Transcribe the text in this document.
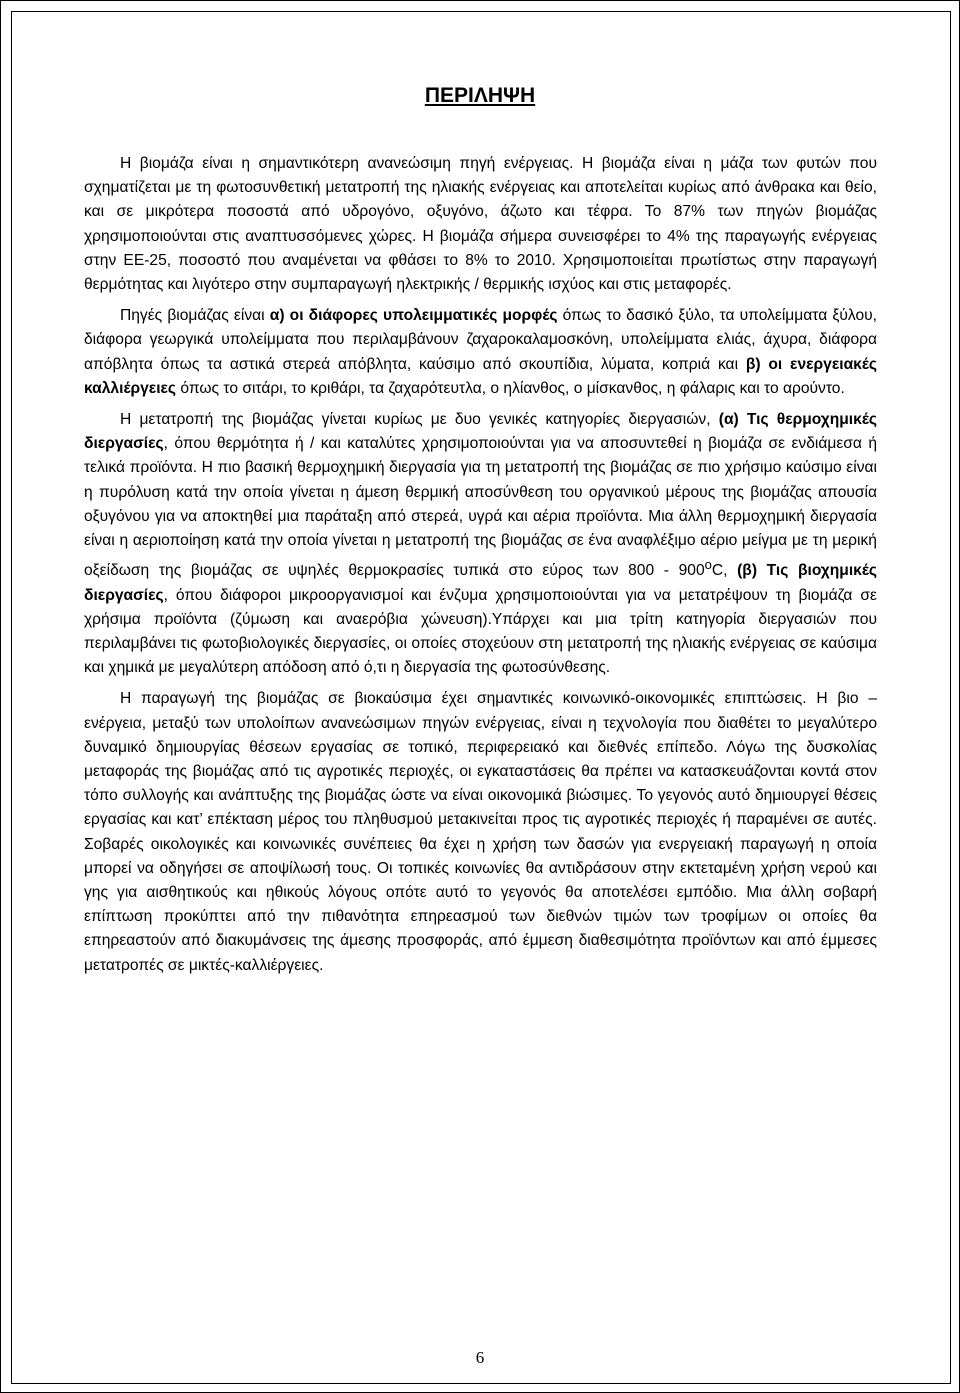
ΠΕΡΙΛΗΨΗ

Η βιομάζα είναι η σημαντικότερη ανανεώσιμη πηγή ενέργειας. Η βιομάζα είναι η μάζα των φυτών που σχηματίζεται με τη φωτοσυνθετική μετατροπή της ηλιακής ενέργειας και αποτελείται κυρίως από άνθρακα και θείο, και σε μικρότερα ποσοστά από υδρογόνο, οξυγόνο, άζωτο και τέφρα. Το 87% των πηγών βιομάζας χρησιμοποιούνται στις αναπτυσσόμενες χώρες. Η βιομάζα σήμερα συνεισφέρει το 4% της παραγωγής ενέργειας στην ΕΕ-25, ποσοστό που αναμένεται να φθάσει το 8% το 2010. Χρησιμοποιείται πρωτίστως στην παραγωγή θερμότητας και λιγότερο στην συμπαραγωγή ηλεκτρικής / θερμικής ισχύος και στις μεταφορές.

Πηγές βιομάζας είναι α) οι διάφορες υπολειμματικές μορφές όπως το δασικό ξύλο, τα υπολείμματα ξύλου, διάφορα γεωργικά υπολείμματα που περιλαμβάνουν ζαχαροκαλαμοσκόνη, υπολείμματα ελιάς, άχυρα, διάφορα απόβλητα όπως τα αστικά στερεά απόβλητα, καύσιμο από σκουπίδια, λύματα, κοπριά και β) οι ενεργειακές καλλιέργειες όπως το σιτάρι, το κριθάρι, τα ζαχαρότευτλα, ο ηλίανθος, ο μίσκανθος, η φάλαρις και το αρούντο.

Η μετατροπή της βιομάζας γίνεται κυρίως με δυο γενικές κατηγορίες διεργασιών, (α) Τις θερμοχημικές διεργασίες, όπου θερμότητα ή / και καταλύτες χρησιμοποιούνται για να αποσυντεθεί η βιομάζα σε ενδιάμεσα ή τελικά προϊόντα. Η πιο βασική θερμοχημική διεργασία για τη μετατροπή της βιομάζας σε πιο χρήσιμο καύσιμο είναι η πυρόλυση κατά την οποία γίνεται η άμεση θερμική αποσύνθεση του οργανικού μέρους της βιομάζας απουσία οξυγόνου για να αποκτηθεί μια παράταξη από στερεά, υγρά και αέρια προϊόντα. Μια άλλη θερμοχημική διεργασία είναι η αεριοποίηση κατά την οποία γίνεται η μετατροπή της βιομάζας σε ένα αναφλέξιμο αέριο μείγμα με τη μερική οξείδωση της βιομάζας σε υψηλές θερμοκρασίες τυπικά στο εύρος των 800 - 900$^o$C, (β) Τις βιοχημικές διεργασίες, όπου διάφοροι μικροοργανισμοί και ένζυμα χρησιμοποιούνται για να μετατρέψουν τη βιομάζα σε χρήσιμα προϊόντα (ζύμωση και αναερόβια χώνευση).Υπάρχει και μια τρίτη κατηγορία διεργασιών που περιλαμβάνει τις φωτοβιολογικές διεργασίες, οι οποίες στοχεύουν στη μετατροπή της ηλιακής ενέργειας σε καύσιμα και χημικά με μεγαλύτερη απόδοση από ό,τι η διεργασία της φωτοσύνθεσης.

Η παραγωγή της βιομάζας σε βιοκαύσιμα έχει σημαντικές κοινωνικό-οικονομικές επιπτώσεις. Η βιο – ενέργεια, μεταξύ των υπολοίπων ανανεώσιμων πηγών ενέργειας, είναι η τεχνολογία που διαθέτει το μεγαλύτερο δυναμικό δημιουργίας θέσεων εργασίας σε τοπικό, περιφερειακό και διεθνές επίπεδο. Λόγω της δυσκολίας μεταφοράς της βιομάζας από τις αγροτικές περιοχές, οι εγκαταστάσεις θα πρέπει να κατασκευάζονται κοντά στον τόπο συλλογής και ανάπτυξης της βιομάζας ώστε να είναι οικονομικά βιώσιμες. Το γεγονός αυτό δημιουργεί θέσεις εργασίας και κατ’ επέκταση μέρος του πληθυσμού μετακινείται προς τις αγροτικές περιοχές ή παραμένει σε αυτές. Σοβαρές οικολογικές και κοινωνικές συνέπειες θα έχει η χρήση των δασών για ενεργειακή παραγωγή η οποία μπορεί να οδηγήσει σε αποψίλωσή τους. Οι τοπικές κοινωνίες θα αντιδράσουν στην εκτεταμένη χρήση νερού και γης για αισθητικούς και ηθικούς λόγους οπότε αυτό το γεγονός θα αποτελέσει εμπόδιο. Μια άλλη σοβαρή επίπτωση προκύπτει από την πιθανότητα επηρεασμού των διεθνών τιμών των τροφίμων οι οποίες θα επηρεαστούν από διακυμάνσεις της άμεσης προσφοράς, από έμμεση διαθεσιμότητα προϊόντων και από έμμεσες μετατροπές σε μικτές-καλλιέργειες.

6
